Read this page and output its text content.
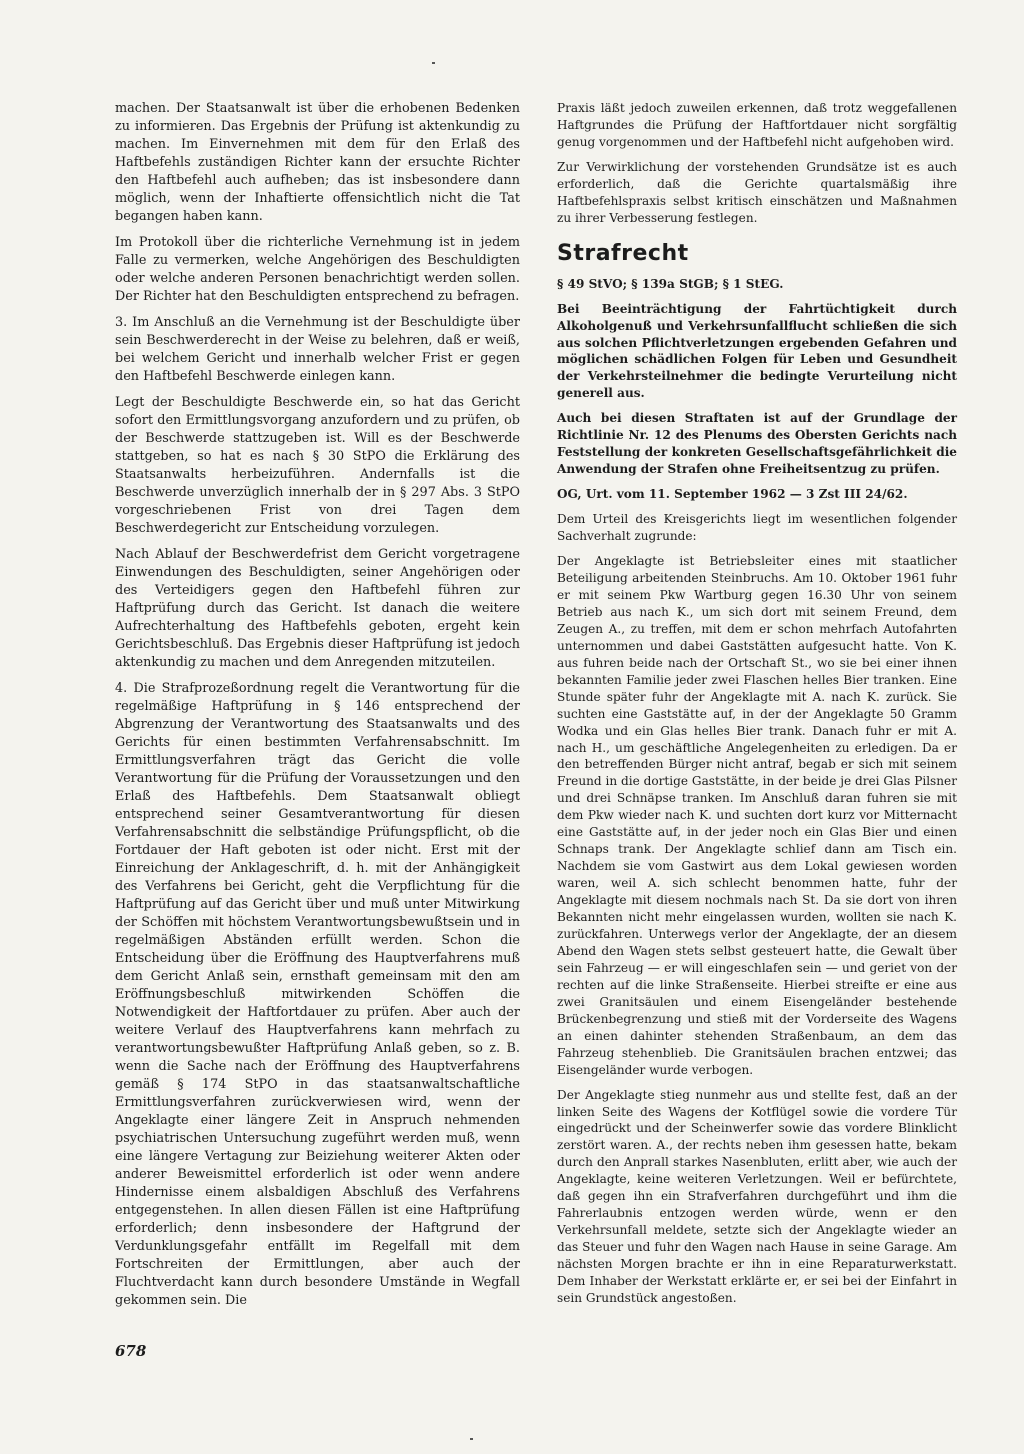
machen. Der Staatsanwalt ist über die erhobenen Bedenken zu informieren. Das Ergebnis der Prüfung ist aktenkundig zu machen. Im Einvernehmen mit dem für den Erlaß des Haftbefehls zuständigen Richter kann der ersuchte Richter den Haftbefehl auch aufheben; das ist insbesondere dann möglich, wenn der Inhaftierte offensichtlich nicht die Tat begangen haben kann.

Im Protokoll über die richterliche Vernehmung ist in jedem Falle zu vermerken, welche Angehörigen des Beschuldigten oder welche anderen Personen benachrichtigt werden sollen. Der Richter hat den Beschuldigten entsprechend zu befragen.

3. Im Anschluß an die Vernehmung ist der Beschuldigte über sein Beschwerderecht in der Weise zu belehren, daß er weiß, bei welchem Gericht und innerhalb welcher Frist er gegen den Haftbefehl Beschwerde einlegen kann.

Legt der Beschuldigte Beschwerde ein, so hat das Gericht sofort den Ermittlungsvorgang anzufordern und zu prüfen, ob der Beschwerde stattzugeben ist. Will es der Beschwerde stattgeben, so hat es nach § 30 StPO die Erklärung des Staatsanwalts herbeizuführen. Andernfalls ist die Beschwerde unverzüglich innerhalb der in § 297 Abs. 3 StPO vorgeschriebenen Frist von drei Tagen dem Beschwerdegericht zur Entscheidung vorzulegen.

Nach Ablauf der Beschwerdefrist dem Gericht vorgetragene Einwendungen des Beschuldigten, seiner Angehörigen oder des Verteidigers gegen den Haftbefehl führen zur Haftprüfung durch das Gericht. Ist danach die weitere Aufrechterhaltung des Haftbefehls geboten, ergeht kein Gerichtsbeschluß. Das Ergebnis dieser Haftprüfung ist jedoch aktenkundig zu machen und dem Anregenden mitzuteilen.

4. Die Strafprozeßordnung regelt die Verantwortung für die regelmäßige Haftprüfung in § 146 entsprechend der Abgrenzung der Verantwortung des Staatsanwalts und des Gerichts für einen bestimmten Verfahrensabschnitt. Im Ermittlungsverfahren trägt das Gericht die volle Verantwortung für die Prüfung der Voraussetzungen und den Erlaß des Haftbefehls. Dem Staatsanwalt obliegt entsprechend seiner Gesamtverantwortung für diesen Verfahrensabschnitt die selbständige Prüfungspflicht, ob die Fortdauer der Haft geboten ist oder nicht. Erst mit der Einreichung der Anklageschrift, d. h. mit der Anhängigkeit des Verfahrens bei Gericht, geht die Verpflichtung für die Haftprüfung auf das Gericht über und muß unter Mitwirkung der Schöffen mit höchstem Verantwortungsbewußtsein und in regelmäßigen Abständen erfüllt werden. Schon die Entscheidung über die Eröffnung des Hauptverfahrens muß dem Gericht Anlaß sein, ernsthaft gemeinsam mit den am Eröffnungsbeschluß mitwirkenden Schöffen die Notwendigkeit der Haftfortdauer zu prüfen. Aber auch der weitere Verlauf des Hauptverfahrens kann mehrfach zu verantwortungsbewußter Haftprüfung Anlaß geben, so z. B. wenn die Sache nach der Eröffnung des Hauptverfahrens gemäß § 174 StPO in das staatsanwaltschaftliche Ermittlungsverfahren zurückverwiesen wird, wenn der Angeklagte einer längere Zeit in Anspruch nehmenden psychiatrischen Untersuchung zugeführt werden muß, wenn eine längere Vertagung zur Beiziehung weiterer Akten oder anderer Beweismittel erforderlich ist oder wenn andere Hindernisse einem alsbaldigen Abschluß des Verfahrens entgegenstehen. In allen diesen Fällen ist eine Haftprüfung erforderlich; denn insbesondere der Haftgrund der Verdunklungsgefahr entfällt im Regelfall mit dem Fortschreiten der Ermittlungen, aber auch der Fluchtverdacht kann durch besondere Umstände in Wegfall gekommen sein. Die

Praxis läßt jedoch zuweilen erkennen, daß trotz weggefallenen Haftgrundes die Prüfung der Haftfortdauer nicht sorgfältig genug vorgenommen und der Haftbefehl nicht aufgehoben wird.

Zur Verwirklichung der vorstehenden Grundsätze ist es auch erforderlich, daß die Gerichte quartalsmäßig ihre Haftbefehlspraxis selbst kritisch einschätzen und Maßnahmen zu ihrer Verbesserung festlegen.

Strafrecht

§ 49 StVO; § 139a StGB; § 1 StEG.

Bei Beeinträchtigung der Fahrtüchtigkeit durch Alkoholgenuß und Verkehrsunfallflucht schließen die sich aus solchen Pflichtverletzungen ergebenden Gefahren und möglichen schädlichen Folgen für Leben und Gesundheit der Verkehrsteilnehmer die bedingte Verurteilung nicht generell aus.

Auch bei diesen Straftaten ist auf der Grundlage der Richtlinie Nr. 12 des Plenums des Obersten Gerichts nach Feststellung der konkreten Gesellschaftsgefährlichkeit die Anwendung der Strafen ohne Freiheitsentzug zu prüfen.

OG, Urt. vom 11. September 1962 — 3 Zst III 24/62.

Dem Urteil des Kreisgerichts liegt im wesentlichen folgender Sachverhalt zugrunde:

Der Angeklagte ist Betriebsleiter eines mit staatlicher Beteiligung arbeitenden Steinbruchs. Am 10. Oktober 1961 fuhr er mit seinem Pkw Wartburg gegen 16.30 Uhr von seinem Betrieb aus nach K., um sich dort mit seinem Freund, dem Zeugen A., zu treffen, mit dem er schon mehrfach Autofahrten unternommen und dabei Gaststätten aufgesucht hatte. Von K. aus fuhren beide nach der Ortschaft St., wo sie bei einer ihnen bekannten Familie jeder zwei Flaschen helles Bier tranken. Eine Stunde später fuhr der Angeklagte mit A. nach K. zurück. Sie suchten eine Gaststätte auf, in der der Angeklagte 50 Gramm Wodka und ein Glas helles Bier trank. Danach fuhr er mit A. nach H., um geschäftliche Angelegenheiten zu erledigen. Da er den betreffenden Bürger nicht antraf, begab er sich mit seinem Freund in die dortige Gaststätte, in der beide je drei Glas Pilsner und drei Schnäpse tranken. Im Anschluß daran fuhren sie mit dem Pkw wieder nach K. und suchten dort kurz vor Mitternacht eine Gaststätte auf, in der jeder noch ein Glas Bier und einen Schnaps trank. Der Angeklagte schlief dann am Tisch ein. Nachdem sie vom Gastwirt aus dem Lokal gewiesen worden waren, weil A. sich schlecht benommen hatte, fuhr der Angeklagte mit diesem nochmals nach St. Da sie dort von ihren Bekannten nicht mehr eingelassen wurden, wollten sie nach K. zurückfahren. Unterwegs verlor der Angeklagte, der an diesem Abend den Wagen stets selbst gesteuert hatte, die Gewalt über sein Fahrzeug — er will eingeschlafen sein — und geriet von der rechten auf die linke Straßenseite. Hierbei streifte er eine aus zwei Granitsäulen und einem Eisengeländer bestehende Brückenbegrenzung und stieß mit der Vorderseite des Wagens an einen dahinter stehenden Straßenbaum, an dem das Fahrzeug stehenblieb. Die Granitsäulen brachen entzwei; das Eisengeländer wurde verbogen.

Der Angeklagte stieg nunmehr aus und stellte fest, daß an der linken Seite des Wagens der Kotflügel sowie die vordere Tür eingedrückt und der Scheinwerfer sowie das vordere Blinklicht zerstört waren. A., der rechts neben ihm gesessen hatte, bekam durch den Anprall starkes Nasenbluten, erlitt aber, wie auch der Angeklagte, keine weiteren Verletzungen. Weil er befürchtete, daß gegen ihn ein Strafverfahren durchgeführt und ihm die Fahrerlaubnis entzogen werden würde, wenn er den Verkehrsunfall meldete, setzte sich der Angeklagte wieder an das Steuer und fuhr den Wagen nach Hause in seine Garage. Am nächsten Morgen brachte er ihn in eine Reparaturwerkstatt. Dem Inhaber der Werkstatt erklärte er, er sei bei der Einfahrt in sein Grundstück angestoßen.

678
